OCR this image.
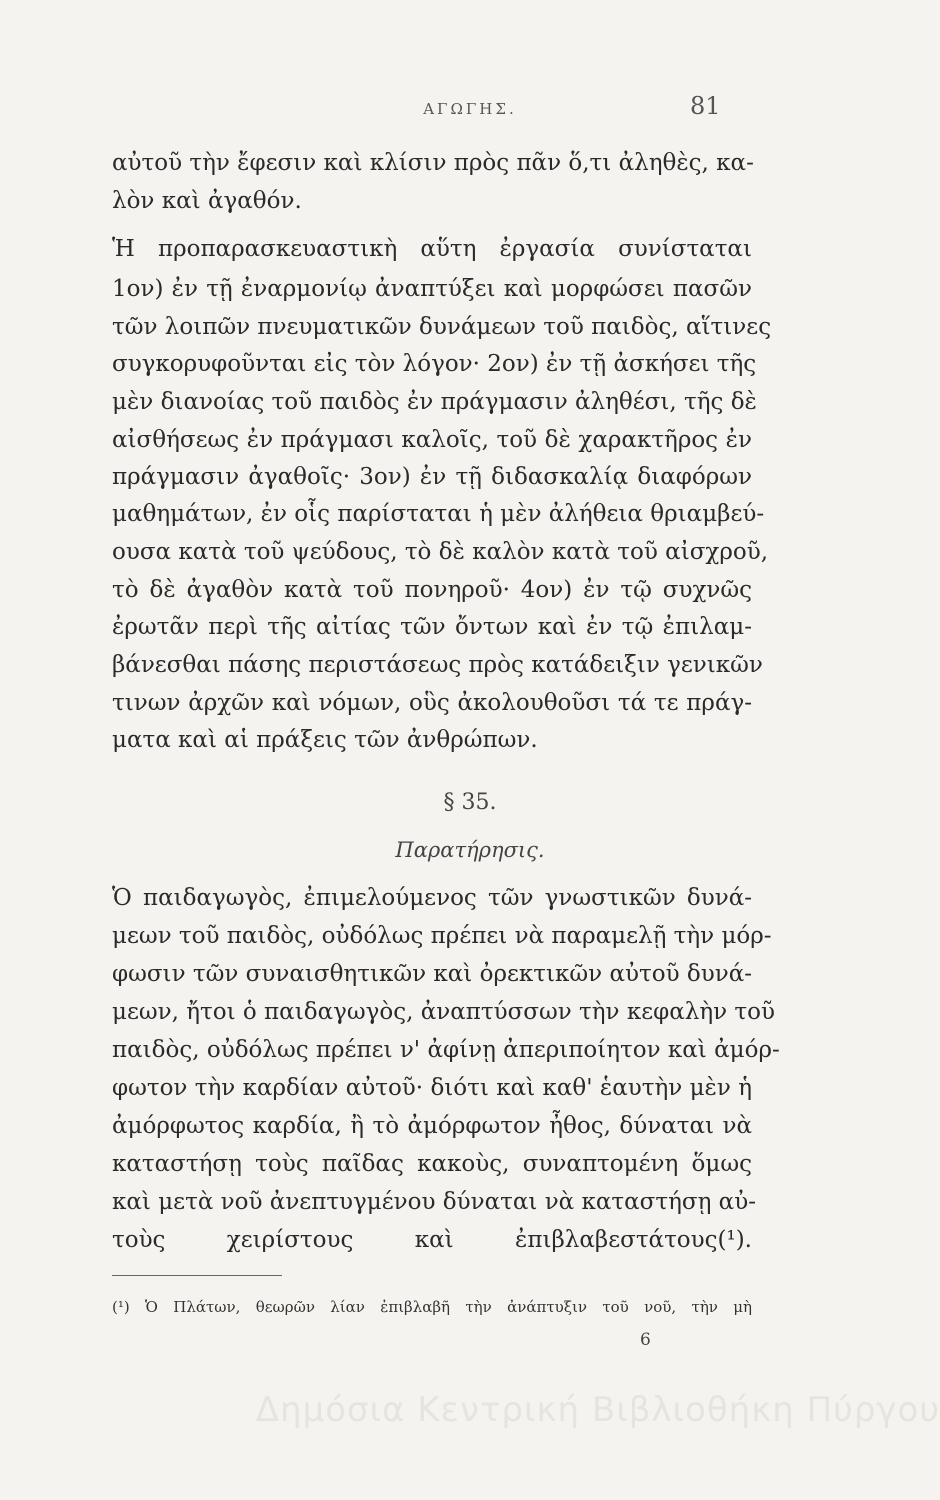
ΑΓΩΓΗΣ.	81
αὐτοῦ τὴν ἔφεσιν καὶ κλίσιν πρὸς πᾶν ὅ,τι ἀληθὲς, κα-
λὸν καὶ ἀγαθόν.
Ἡ προπαρασκευαστικὴ αὕτη ἐργασία συνίσταται
1ον) ἐν τῇ ἐναρμονίῳ ἀναπτύξει καὶ μορφώσει πασῶν
τῶν λοιπῶν πνευματικῶν δυνάμεων τοῦ παιδὸς, αἵτινες
συγκορυφοῦνται εἰς τὸν λόγον· 2ον) ἐν τῇ ἀσκήσει τῆς
μὲν διανοίας τοῦ παιδὸς ἐν πράγμασιν ἀληθέσι, τῆς δὲ
αἰσθήσεως ἐν πράγμασι καλοῖς, τοῦ δὲ χαρακτῆρος ἐν
πράγμασιν ἀγαθοῖς· 3ον) ἐν τῇ διδασκαλίᾳ διαφόρων
μαθημάτων, ἐν οἷς παρίσταται ἡ μὲν ἀλήθεια θριαμβεύ-
ουσα κατὰ τοῦ ψεύδους, τὸ δὲ καλὸν κατὰ τοῦ αἰσχροῦ,
τὸ δὲ ἀγαθὸν κατὰ τοῦ πονηροῦ· 4ον) ἐν τῷ συχνῶς
ἐρωτᾶν περὶ τῆς αἰτίας τῶν ὄντων καὶ ἐν τῷ ἐπιλαμ-
βάνεσθαι πάσης περιστάσεως πρὸς κατάδειξιν γενικῶν
τινων ἀρχῶν καὶ νόμων, οὓς ἀκολουθοῦσι τά τε πράγ-
ματα καὶ αἱ πράξεις τῶν ἀνθρώπων.
§ 35.
Παρατήρησις.
Ὁ παιδαγωγὸς, ἐπιμελούμενος τῶν γνωστικῶν δυνά-
μεων τοῦ παιδὸς, οὐδόλως πρέπει νὰ παραμελῇ τὴν μόρ-
φωσιν τῶν συναισθητικῶν καὶ ὀρεκτικῶν αὐτοῦ δυνά-
μεων, ἤτοι ὁ παιδαγωγὸς, ἀναπτύσσων τὴν κεφαλὴν τοῦ
παιδὸς, οὐδόλως πρέπει ν' ἀφίνῃ ἀπεριποίητον καὶ ἀμόρ-
φωτον τὴν καρδίαν αὐτοῦ· διότι καὶ καθ' ἑαυτὴν μὲν ἡ
ἀμόρφωτος καρδία, ἢ τὸ ἀμόρφωτον ἦθος, δύναται νὰ
καταστήσῃ τοὺς παῖδας κακοὺς, συναπτομένη ὅμως
καὶ μετὰ νοῦ ἀνεπτυγμένου δύναται νὰ καταστήσῃ αὐ-
τοὺς χειρίστους καὶ ἐπιβλαβεστάτους(¹).
(¹) Ὁ Πλάτων, θεωρῶν λίαν ἐπιβλαβῆ τὴν ἀνάπτυξιν τοῦ νοῦ, τὴν μὴ
6
Δημόσια Κεντρική Βιβλιοθήκη Πύργου
